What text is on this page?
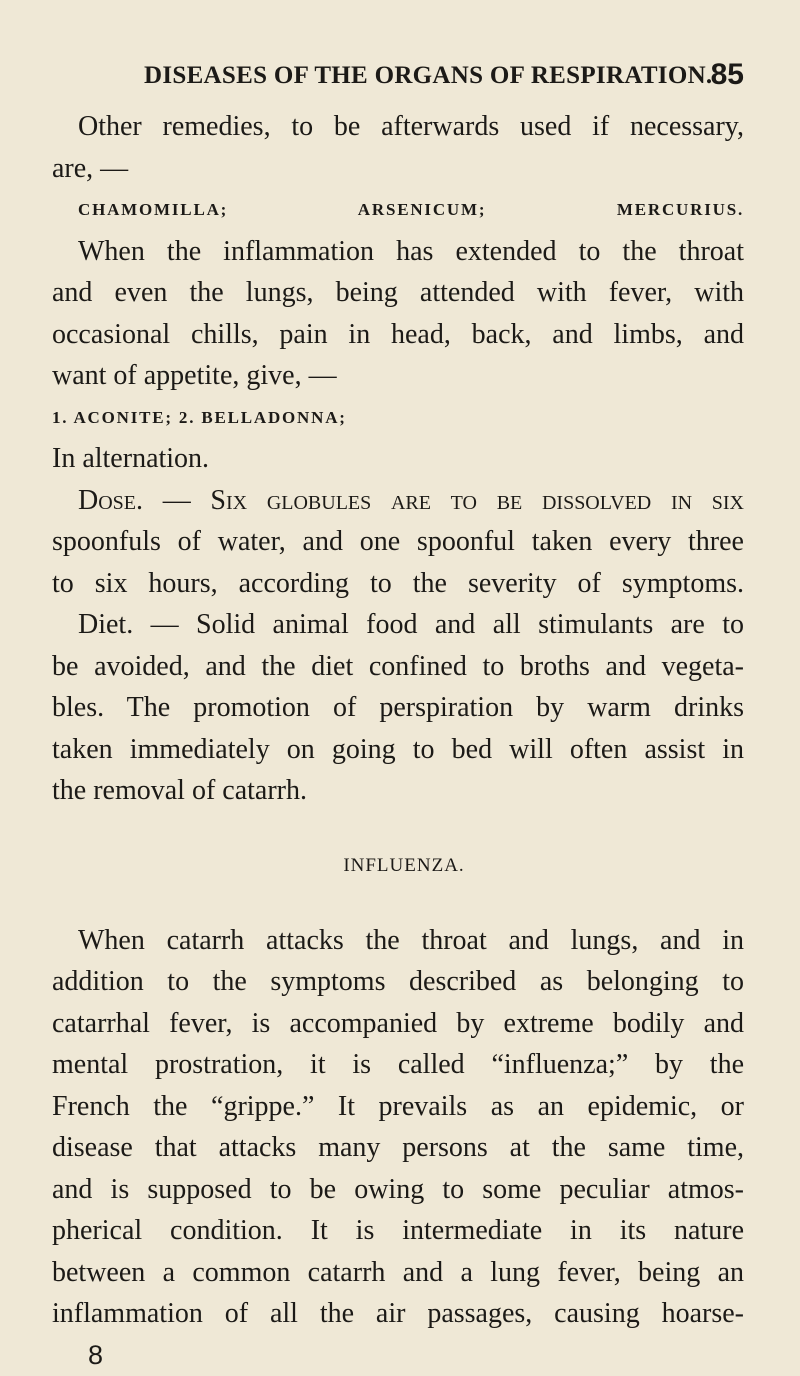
DISEASES OF THE ORGANS OF RESPIRATION.
85
Other remedies, to be afterwards used if necessary,
are, —
CHAMOMILLA; ARSENICUM; MERCURIUS.
When the inflammation has extended to the throat
and even the lungs, being attended with fever, with
occasional chills, pain in head, back, and limbs, and
want of appetite, give, —
1. ACONITE; 2. BELLADONNA;
In alternation.
Dose. — Six globules are to be dissolved in six
spoonfuls of water, and one spoonful taken every three
to six hours, according to the severity of symptoms.
Diet. — Solid animal food and all stimulants are to
be avoided, and the diet confined to broths and vegeta-
bles. The promotion of perspiration by warm drinks
taken immediately on going to bed will often assist in
the removal of catarrh.
INFLUENZA.
When catarrh attacks the throat and lungs, and in
addition to the symptoms described as belonging to
catarrhal fever, is accompanied by extreme bodily and
mental prostration, it is called “influenza;” by the
French the “grippe.” It prevails as an epidemic, or
disease that attacks many persons at the same time,
and is supposed to be owing to some peculiar atmos-
pherical condition. It is intermediate in its nature
between a common catarrh and a lung fever, being an
inflammation of all the air passages, causing hoarse-
8
